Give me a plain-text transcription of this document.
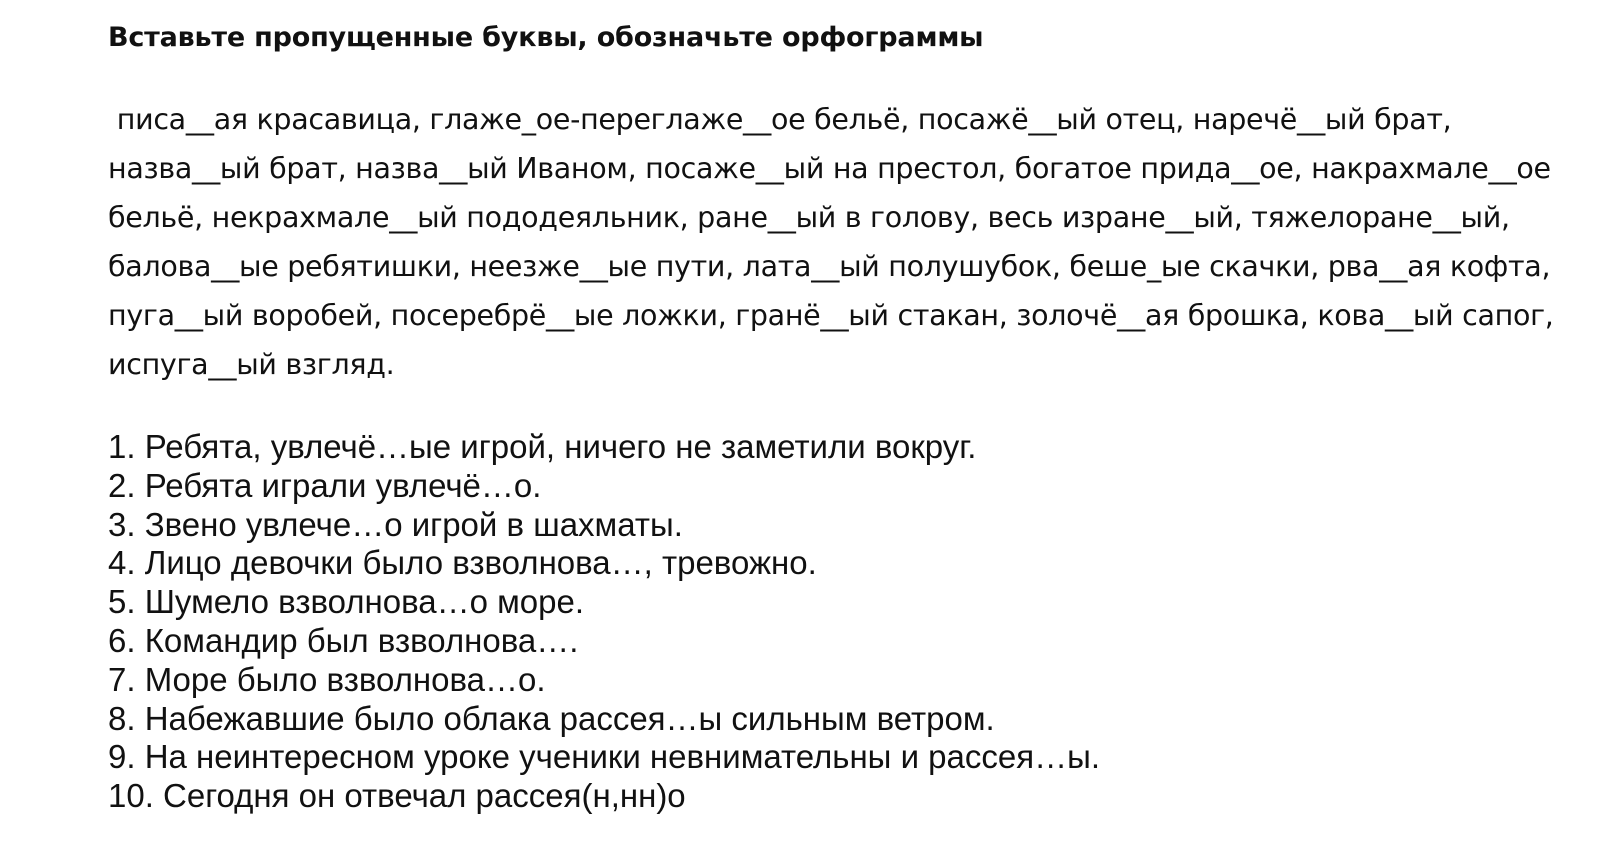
Вставьте пропущенные буквы, обозначьте орфограммы
писа__ая красавица, глаже_ое-переглаже__ое бельё, посажё__ый отец, наречё__ый брат,
назва__ый брат, назва__ый Иваном, посаже__ый на престол, богатое прида__ое, накрахмале__ое
бельё, некрахмале__ый пододеяльник, ране__ый в голову, весь изране__ый, тяжелоране__ый,
балова__ые ребятишки, неезже__ые пути, лата__ый полушубок, беше_ые скачки, рва__ая кофта,
пуга__ый воробей, посеребрё__ые ложки, гранё__ый стакан, золочё__ая брошка, кова__ый сапог,
испуга__ый взгляд.
1. Ребята, увлечё…ые игрой, ничего не заметили вокруг.
2. Ребята играли увлечё…о.
3. Звено увлече…о игрой в шахматы.
4. Лицо девочки было взволнова…, тревожно.
5. Шумело взволнова…о море.
6. Командир был взволнова….
7. Море было взволнова…о.
8. Набежавшие было облака рассея…ы сильным ветром.
9. На неинтересном уроке ученики невнимательны и рассея…ы.
10. Сегодня он отвечал рассея(н,нн)о
